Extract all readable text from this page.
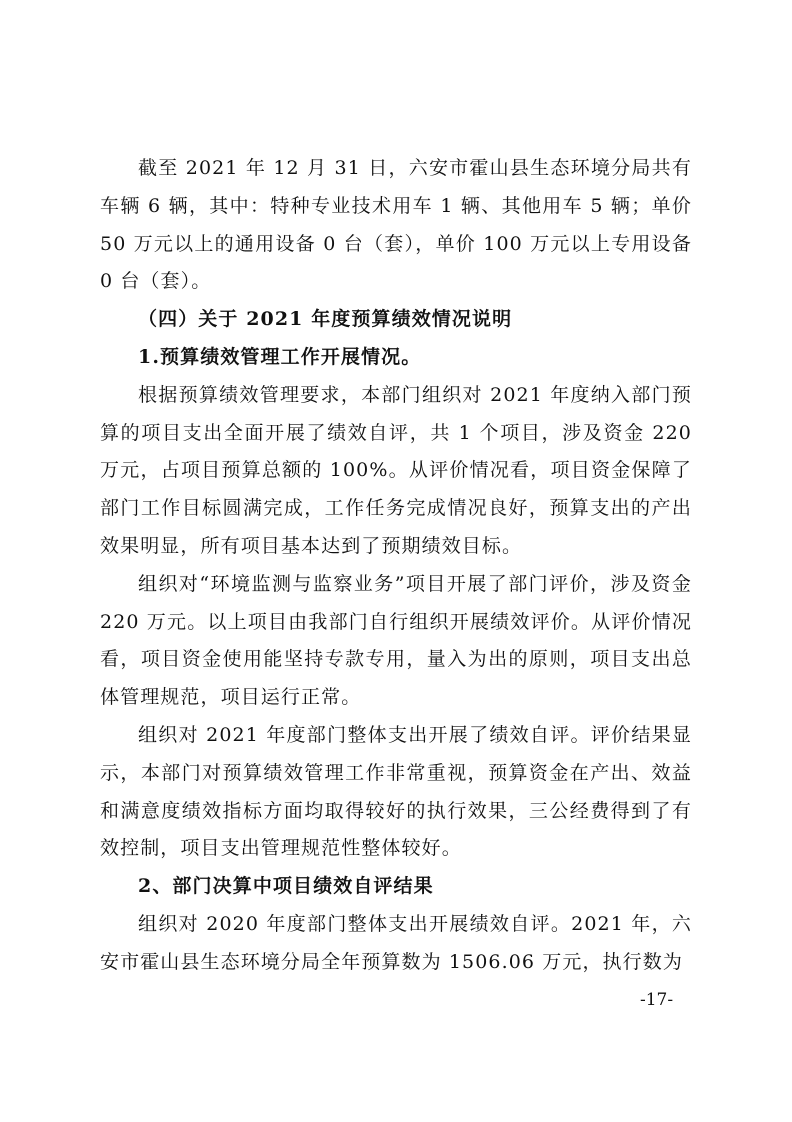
截至 2021 年 12 月 31 日，六安市霍山县生态环境分局共有车辆 6 辆，其中：特种专业技术用车 1 辆、其他用车 5 辆；单价 50 万元以上的通用设备 0 台（套），单价 100 万元以上专用设备 0 台（套）。

（四）关于 2021 年度预算绩效情况说明

1.预算绩效管理工作开展情况。

根据预算绩效管理要求，本部门组织对 2021 年度纳入部门预算的项目支出全面开展了绩效自评，共 1 个项目，涉及资金 220 万元，占项目预算总额的 100%。从评价情况看，项目资金保障了部门工作目标圆满完成，工作任务完成情况良好，预算支出的产出效果明显，所有项目基本达到了预期绩效目标。

组织对“环境监测与监察业务”项目开展了部门评价，涉及资金 220 万元。以上项目由我部门自行组织开展绩效评价。从评价情况看，项目资金使用能坚持专款专用，量入为出的原则，项目支出总体管理规范，项目运行正常。

组织对 2021 年度部门整体支出开展了绩效自评。评价结果显示，本部门对预算绩效管理工作非常重视，预算资金在产出、效益和满意度绩效指标方面均取得较好的执行效果，三公经费得到了有效控制，项目支出管理规范性整体较好。

2、部门决算中项目绩效自评结果

组织对 2020 年度部门整体支出开展绩效自评。2021 年，六安市霍山县生态环境分局全年预算数为 1506.06 万元，执行数为

-17-
